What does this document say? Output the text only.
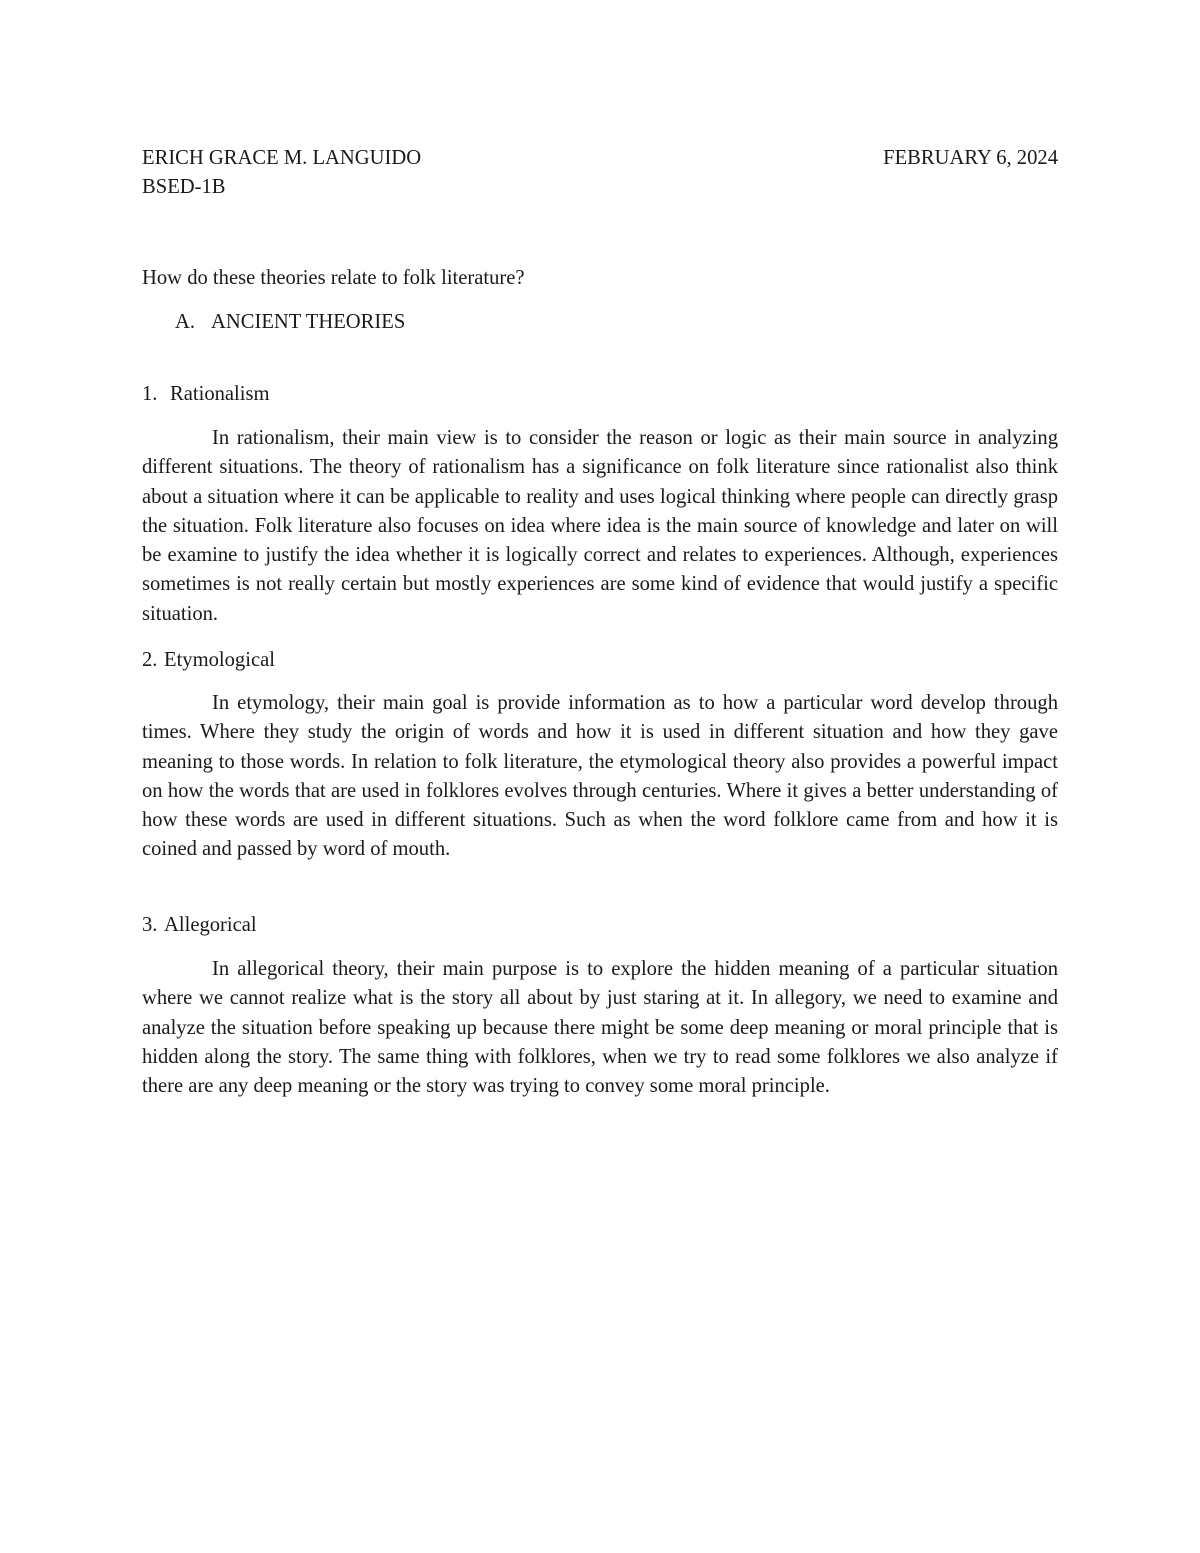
ERICH GRACE M. LANGUIDO	FEBRUARY 6, 2024
BSED-1B
How do these theories relate to folk literature?
A. ANCIENT THEORIES
1. Rationalism

In rationalism, their main view is to consider the reason or logic as their main source in analyzing different situations. The theory of rationalism has a significance on folk literature since rationalist also think about a situation where it can be applicable to reality and uses logical thinking where people can directly grasp the situation. Folk literature also focuses on idea where idea is the main source of knowledge and later on will be examine to justify the idea whether it is logically correct and relates to experiences. Although, experiences sometimes is not really certain but mostly experiences are some kind of evidence that would justify a specific situation.

2. Etymological

In etymology, their main goal is provide information as to how a particular word develop through times. Where they study the origin of words and how it is used in different situation and how they gave meaning to those words. In relation to folk literature, the etymological theory also provides a powerful impact on how the words that are used in folklores evolves through centuries. Where it gives a better understanding of how these words are used in different situations. Such as when the word folklore came from and how it is coined and passed by word of mouth.

3. Allegorical

In allegorical theory, their main purpose is to explore the hidden meaning of a particular situation where we cannot realize what is the story all about by just staring at it. In allegory, we need to examine and analyze the situation before speaking up because there might be some deep meaning or moral principle that is hidden along the story. The same thing with folklores, when we try to read some folklores we also analyze if there are any deep meaning or the story was trying to convey some moral principle.
